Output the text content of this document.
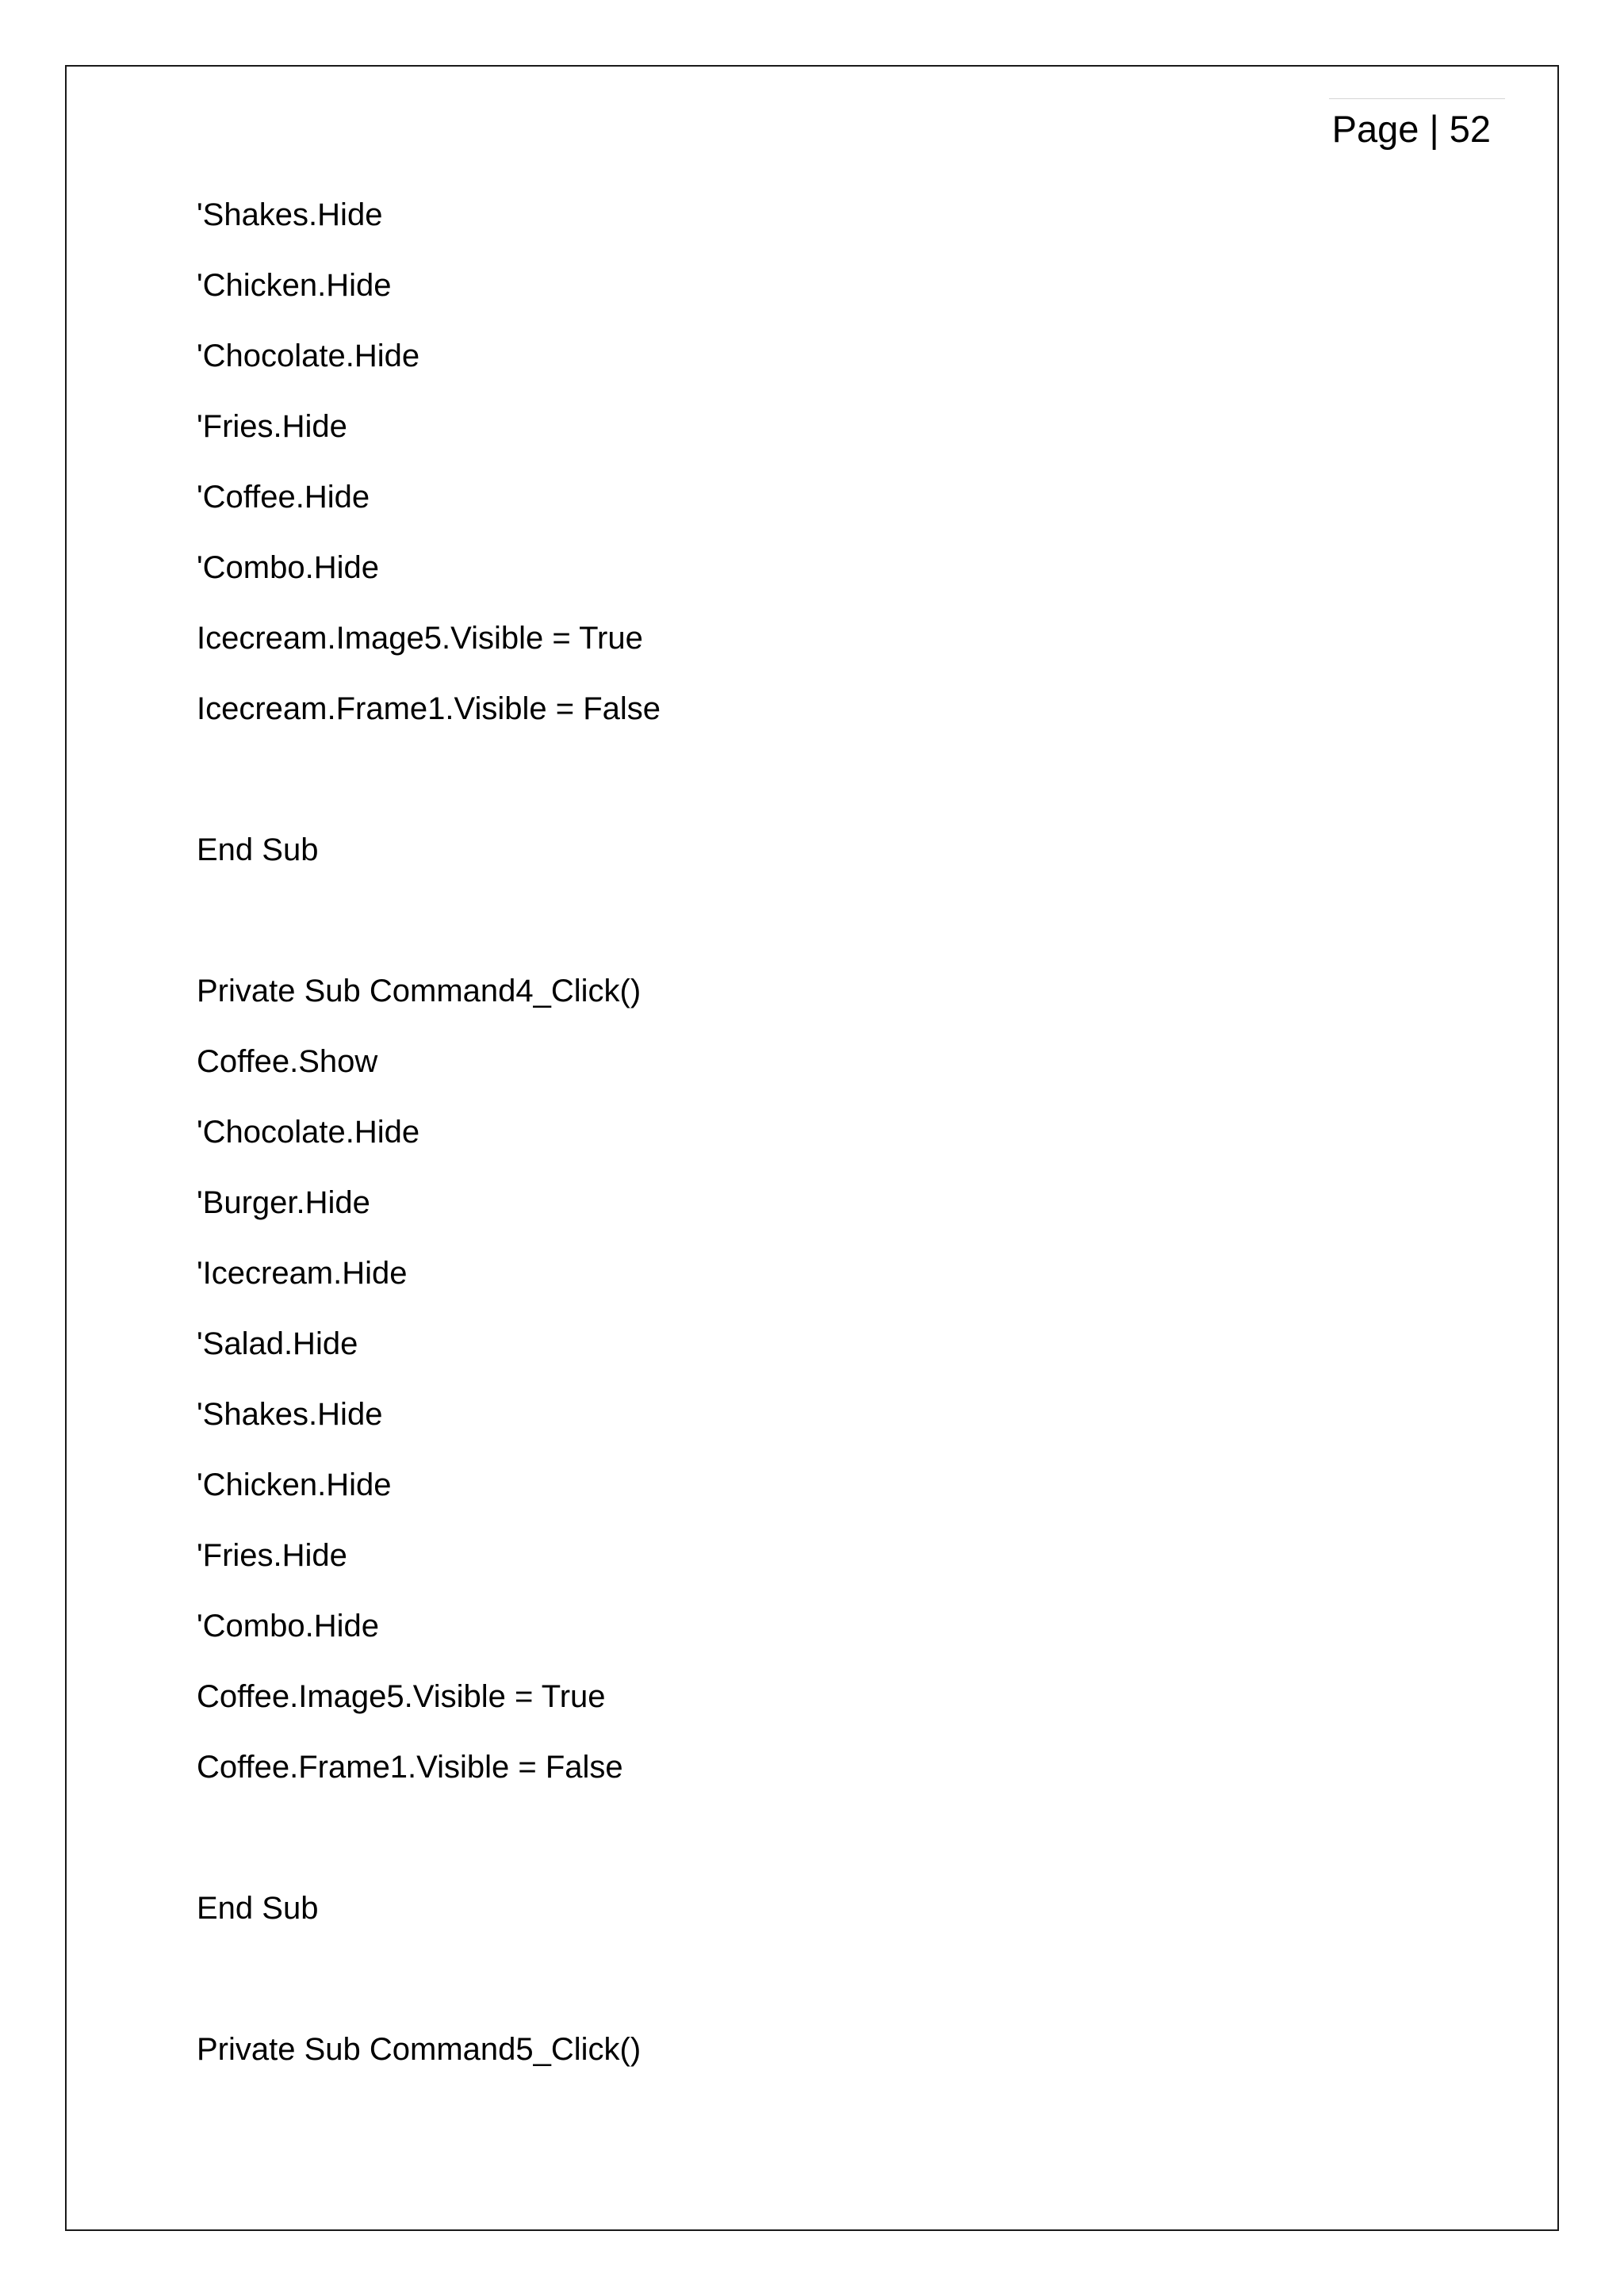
Page | 52
'Shakes.Hide
'Chicken.Hide
'Chocolate.Hide
'Fries.Hide
'Coffee.Hide
'Combo.Hide
Icecream.Image5.Visible = True
Icecream.Frame1.Visible = False
End Sub
Private Sub Command4_Click()
Coffee.Show
'Chocolate.Hide
'Burger.Hide
'Icecream.Hide
'Salad.Hide
'Shakes.Hide
'Chicken.Hide
'Fries.Hide
'Combo.Hide
Coffee.Image5.Visible = True
Coffee.Frame1.Visible = False
End Sub
Private Sub Command5_Click()
